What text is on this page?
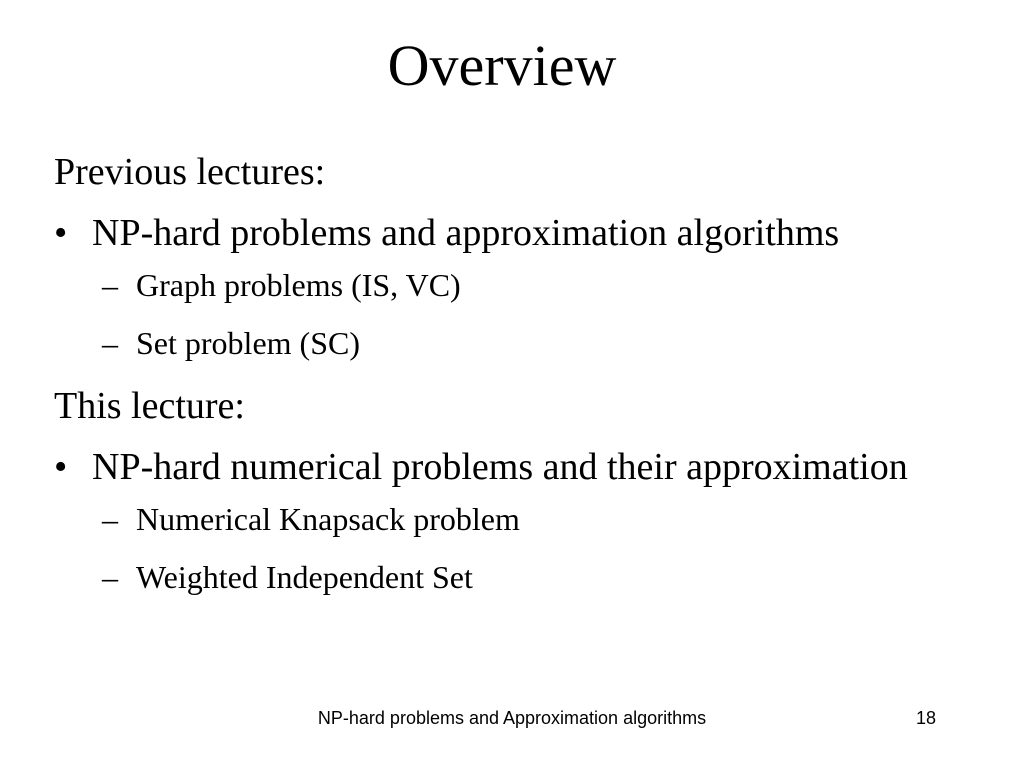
Overview
Previous lectures:
• NP-hard problems and approximation algorithms
– Graph problems (IS, VC)
– Set problem (SC)
This lecture:
• NP-hard numerical problems and their approximation
– Numerical Knapsack problem
– Weighted Independent Set
NP-hard problems and Approximation algorithms	18
